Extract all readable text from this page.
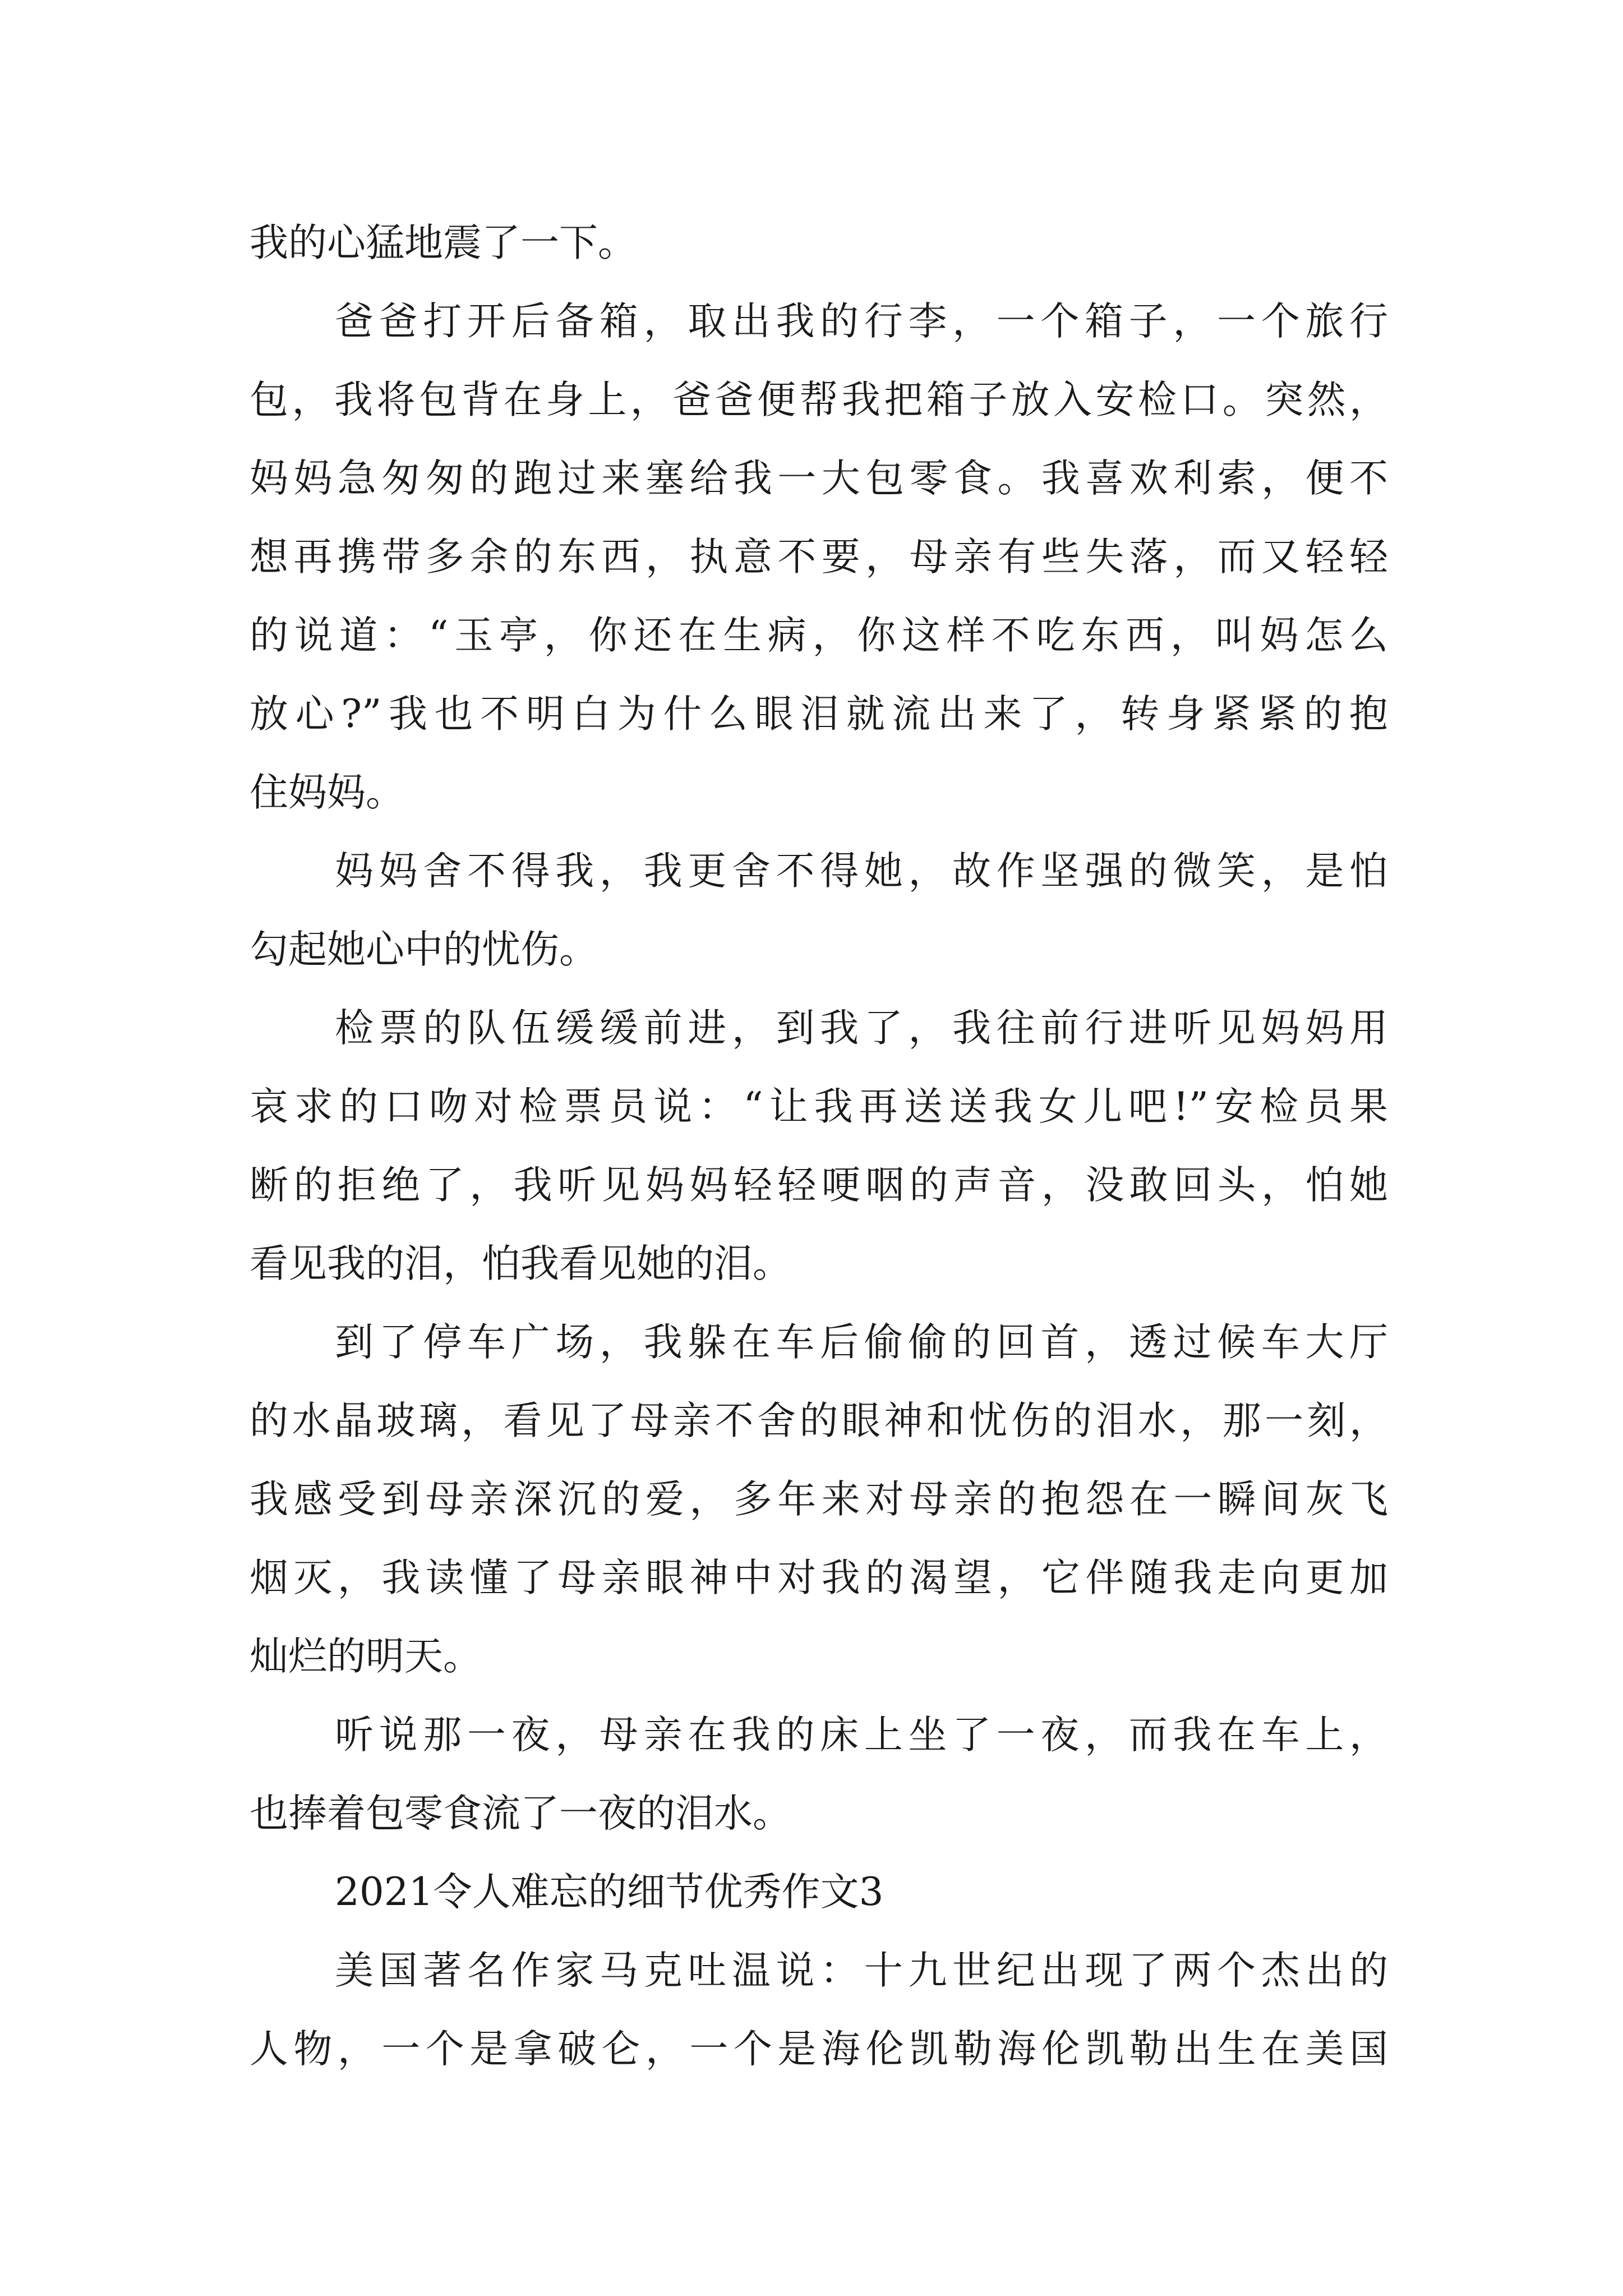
我的心猛地震了一下。
爸爸打开后备箱，取出我的行李，一个箱子，一个旅行
包，我将包背在身上，爸爸便帮我把箱子放入安检口。突然，
妈妈急匆匆的跑过来塞给我一大包零食。我喜欢利索，便不
想再携带多余的东西，执意不要，母亲有些失落，而又轻轻
的说道：“玉亭，你还在生病，你这样不吃东西，叫妈怎么
放心?”我也不明白为什么眼泪就流出来了，转身紧紧的抱
住妈妈。
妈妈舍不得我，我更舍不得她，故作坚强的微笑，是怕
勾起她心中的忧伤。
检票的队伍缓缓前进，到我了，我往前行进听见妈妈用
哀求的口吻对检票员说：“让我再送送我女儿吧!”安检员果
断的拒绝了，我听见妈妈轻轻哽咽的声音，没敢回头，怕她
看见我的泪，怕我看见她的泪。
到了停车广场，我躲在车后偷偷的回首，透过候车大厅
的水晶玻璃，看见了母亲不舍的眼神和忧伤的泪水，那一刻，
我感受到母亲深沉的爱，多年来对母亲的抱怨在一瞬间灰飞
烟灭，我读懂了母亲眼神中对我的渴望，它伴随我走向更加
灿烂的明天。
听说那一夜，母亲在我的床上坐了一夜，而我在车上，
也捧着包零食流了一夜的泪水。
2021令人难忘的细节优秀作文3
美国著名作家马克吐温说：十九世纪出现了两个杰出的
人物，一个是拿破仑，一个是海伦凯勒海伦凯勒出生在美国
